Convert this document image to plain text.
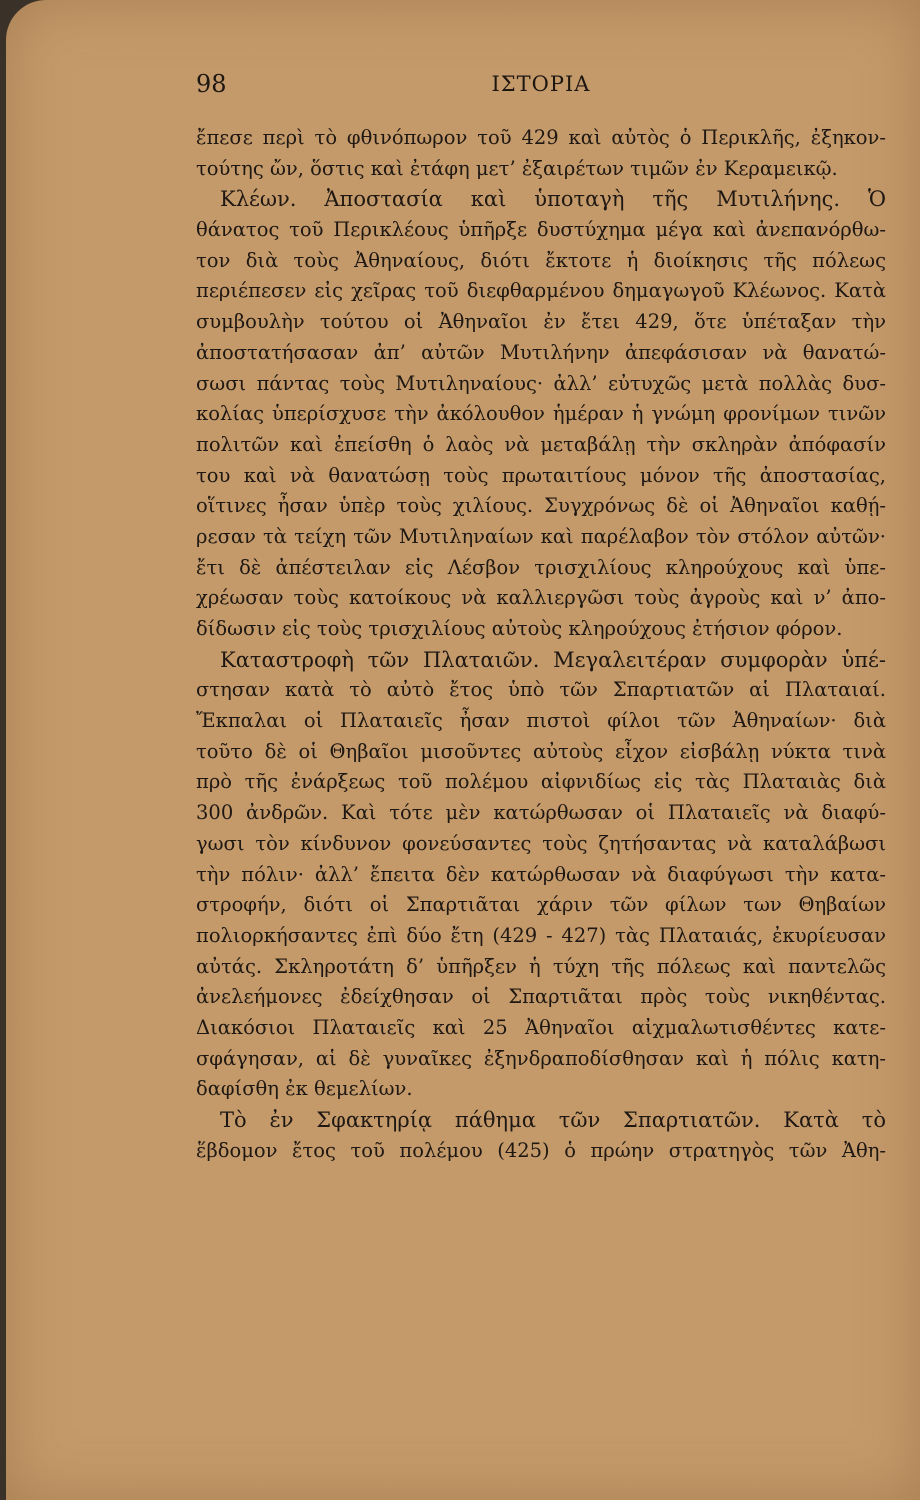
98	ΙΣΤΟΡΙΑ
ἔπεσε περὶ τὸ φθινόπωρον τοῦ 429 καὶ αὐτὸς ὁ Περικλῆς, ἐξηκον-
τούτης ὤν, ὅστις καὶ ἐτάφη μετ’ ἐξαιρέτων τιμῶν ἐν Κεραμεικῷ.
Κλέων. Ἀποστασία καὶ ὑποταγὴ τῆς Μυτιλήνης. Ὁ
θάνατος τοῦ Περικλέους ὑπῆρξε δυστύχημα μέγα καὶ ἀνεπανόρθω-
τον διὰ τοὺς Ἀθηναίους, διότι ἔκτοτε ἡ διοίκησις τῆς πόλεως
περιέπεσεν εἰς χεῖρας τοῦ διεφθαρμένου δημαγωγοῦ Κλέωνος. Κατὰ
συμβουλὴν τούτου οἱ Ἀθηναῖοι ἐν ἔτει 429, ὅτε ὑπέταξαν τὴν
ἀποστατήσασαν ἀπ’ αὐτῶν Μυτιλήνην ἀπεφάσισαν νὰ θανατώ-
σωσι πάντας τοὺς Μυτιληναίους· ἀλλ’ εὐτυχῶς μετὰ πολλὰς δυσ-
κολίας ὑπερίσχυσε τὴν ἀκόλουθον ἡμέραν ἡ γνώμη φρονίμων τινῶν
πολιτῶν καὶ ἐπείσθη ὁ λαὸς νὰ μεταβάλῃ τὴν σκληρὰν ἀπόφασίν
του καὶ νὰ θανατώσῃ τοὺς πρωταιτίους μόνον τῆς ἀποστασίας,
οἵτινες ἦσαν ὑπὲρ τοὺς χιλίους. Συγχρόνως δὲ οἱ Ἀθηναῖοι καθῄ-
ρεσαν τὰ τείχη τῶν Μυτιληναίων καὶ παρέλαβον τὸν στόλον αὐτῶν·
ἔτι δὲ ἀπέστειλαν εἰς Λέσβον τρισχιλίους κληρούχους καὶ ὑπε-
χρέωσαν τοὺς κατοίκους νὰ καλλιεργῶσι τοὺς ἀγροὺς καὶ ν’ ἀπο-
δίδωσιν εἰς τοὺς τρισχιλίους αὐτοὺς κληρούχους ἐτήσιον φόρον.
Καταστροφὴ τῶν Πλαταιῶν. Μεγαλειτέραν συμφορὰν ὑπέ-
στησαν κατὰ τὸ αὐτὸ ἔτος ὑπὸ τῶν Σπαρτιατῶν αἱ Πλαταιαί.
Ἔκπαλαι οἱ Πλαταιεῖς ἦσαν πιστοὶ φίλοι τῶν Ἀθηναίων· διὰ
τοῦτο δὲ οἱ Θηβαῖοι μισοῦντες αὐτοὺς εἶχον εἰσβάλῃ νύκτα τινὰ
πρὸ τῆς ἐνάρξεως τοῦ πολέμου αἰφνιδίως εἰς τὰς Πλαταιὰς διὰ
300 ἀνδρῶν. Καὶ τότε μὲν κατώρθωσαν οἱ Πλαταιεῖς νὰ διαφύ-
γωσι τὸν κίνδυνον φονεύσαντες τοὺς ζητήσαντας νὰ καταλάβωσι
τὴν πόλιν· ἀλλ’ ἔπειτα δὲν κατώρθωσαν νὰ διαφύγωσι τὴν κατα-
στροφήν, διότι οἱ Σπαρτιᾶται χάριν τῶν φίλων των Θηβαίων
πολιορκήσαντες ἐπὶ δύο ἔτη (429 - 427) τὰς Πλαταιάς, ἐκυρίευσαν
αὐτάς. Σκληροτάτη δ’ ὑπῆρξεν ἡ τύχη τῆς πόλεως καὶ παντελῶς
ἀνελεήμονες ἐδείχθησαν οἱ Σπαρτιᾶται πρὸς τοὺς νικηθέντας.
Διακόσιοι Πλαταιεῖς καὶ 25 Ἀθηναῖοι αἰχμαλωτισθέντες κατε-
σφάγησαν, αἱ δὲ γυναῖκες ἐξηνδραποδίσθησαν καὶ ἡ πόλις κατη-
δαφίσθη ἐκ θεμελίων.
Τὸ ἐν Σφακτηρίᾳ πάθημα τῶν Σπαρτιατῶν. Κατὰ τὸ
ἕβδομον ἔτος τοῦ πολέμου (425) ὁ πρώην στρατηγὸς τῶν Ἀθη-
